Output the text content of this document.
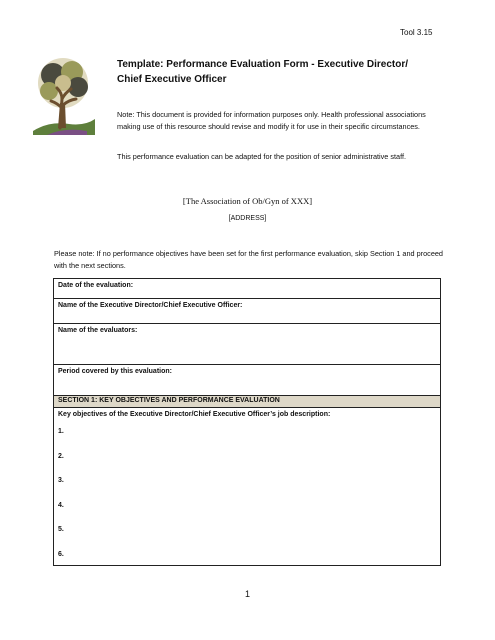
Tool 3.15
Template: Performance Evaluation Form - Executive Director/
Chief Executive Officer
Note: This document is provided for information purposes only. Health professional associations making use of this resource should revise and modify it for use in their specific circumstances.
This performance evaluation can be adapted for the position of senior administrative staff.
[The Association of Ob/Gyn of XXX]
[ADDRESS]
Please note: If no performance objectives have been set for the first performance evaluation, skip Section 1 and proceed with the next sections.
Date of the evaluation:
Name of the Executive Director/Chief Executive Officer:
Name of the evaluators:
Period covered by this evaluation:
SECTION 1: KEY OBJECTIVES AND PERFORMANCE EVALUATION
Key objectives of the Executive Director/Chief Executive Officer’s job description:
1.
2.
3.
4.
5.
6.
1
